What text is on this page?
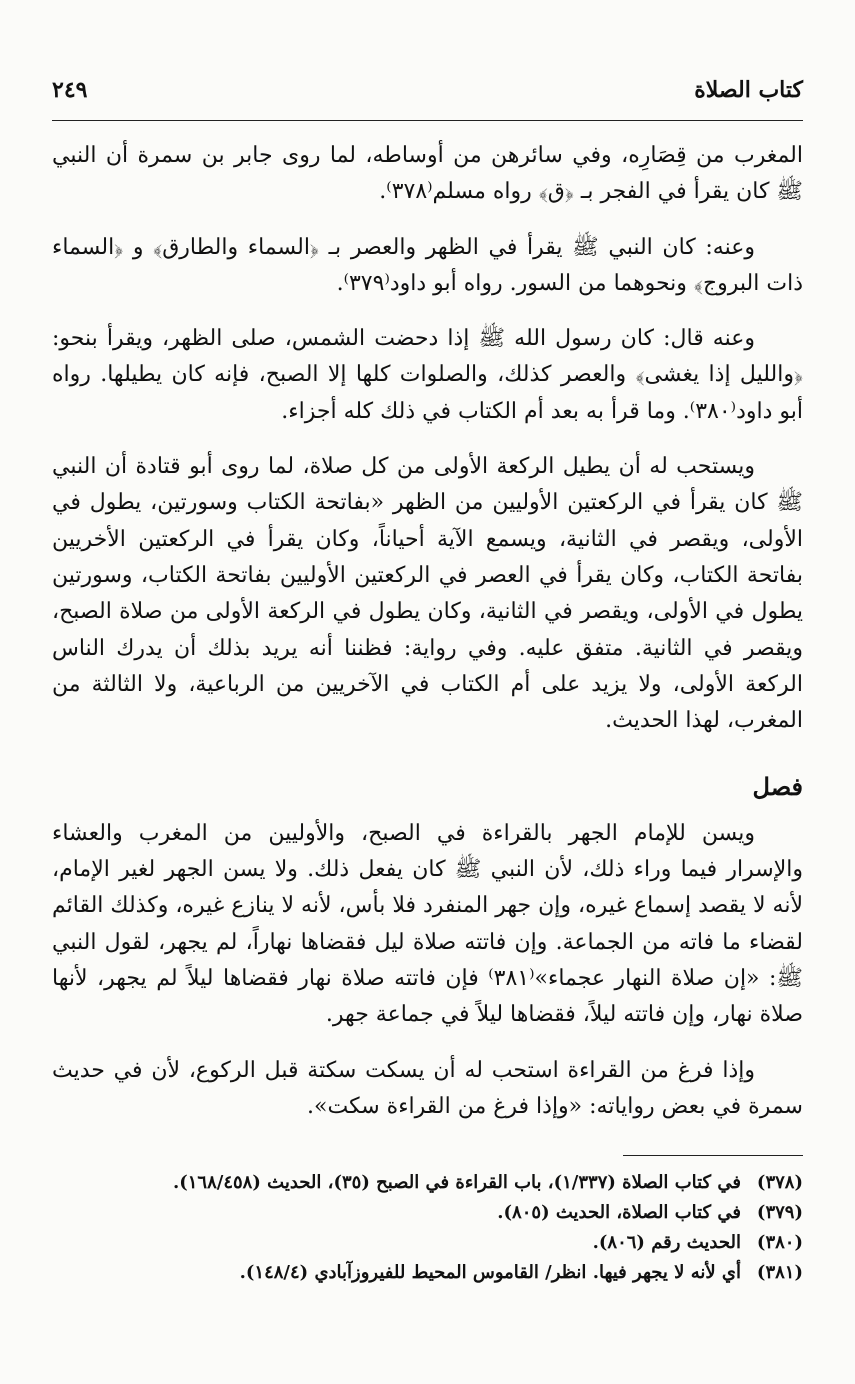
كتاب الصلاة
٢٤٩

المغرب من قِصَارِه، وفي سائرهن من أوساطه، لما روى جابر بن سمرة أن النبي ﷺ كان يقرأ في الفجر بـ ﴿ق﴾ رواه مسلم⁽٣٧٨⁾.

وعنه: كان النبي ﷺ يقرأ في الظهر والعصر بـ ﴿السماء والطارق﴾ و ﴿السماء ذات البروج﴾ ونحوهما من السور. رواه أبو داود⁽٣٧٩⁾.

وعنه قال: كان رسول الله ﷺ إذا دحضت الشمس، صلى الظهر، ويقرأ بنحو: ﴿والليل إذا يغشى﴾ والعصر كذلك، والصلوات كلها إلا الصبح، فإنه كان يطيلها. رواه أبو داود⁽٣٨٠⁾. وما قرأ به بعد أم الكتاب في ذلك كله أجزاء.

ويستحب له أن يطيل الركعة الأولى من كل صلاة، لما روى أبو قتادة أن النبي ﷺ كان يقرأ في الركعتين الأوليين من الظهر «بفاتحة الكتاب وسورتين، يطول في الأولى، ويقصر في الثانية، ويسمع الآية أحياناً، وكان يقرأ في الركعتين الأخريين بفاتحة الكتاب، وكان يقرأ في العصر في الركعتين الأوليين بفاتحة الكتاب، وسورتين يطول في الأولى، ويقصر في الثانية، وكان يطول في الركعة الأولى من صلاة الصبح، ويقصر في الثانية. متفق عليه. وفي رواية: فظننا أنه يريد بذلك أن يدرك الناس الركعة الأولى، ولا يزيد على أم الكتاب في الآخريين من الرباعية، ولا الثالثة من المغرب، لهذا الحديث.

فصل

ويسن للإمام الجهر بالقراءة في الصبح، والأوليين من المغرب والعشاء والإسرار فيما وراء ذلك، لأن النبي ﷺ كان يفعل ذلك. ولا يسن الجهر لغير الإمام، لأنه لا يقصد إسماع غيره، وإن جهر المنفرد فلا بأس، لأنه لا ينازع غيره، وكذلك القائم لقضاء ما فاته من الجماعة. وإن فاتته صلاة ليل فقضاها نهاراً، لم يجهر، لقول النبي ﷺ: «إن صلاة النهار عجماء»⁽٣٨١⁾ فإن فاتته صلاة نهار فقضاها ليلاً لم يجهر، لأنها صلاة نهار، وإن فاتته ليلاً، فقضاها ليلاً في جماعة جهر.

وإذا فرغ من القراءة استحب له أن يسكت سكتة قبل الركوع، لأن في حديث سمرة في بعض رواياته: «وإذا فرغ من القراءة سكت».

(٣٧٨)
في كتاب الصلاة (١/٣٣٧)، باب القراءة في الصبح (٣٥)، الحديث (١٦٨/٤٥٨).
(٣٧٩)
في كتاب الصلاة، الحديث (٨٠٥).
(٣٨٠)
الحديث رقم (٨٠٦).
(٣٨١)
أي لأنه لا يجهر فيها. انظر/ القاموس المحيط للفيروزآبادي (١٤٨/٤).
